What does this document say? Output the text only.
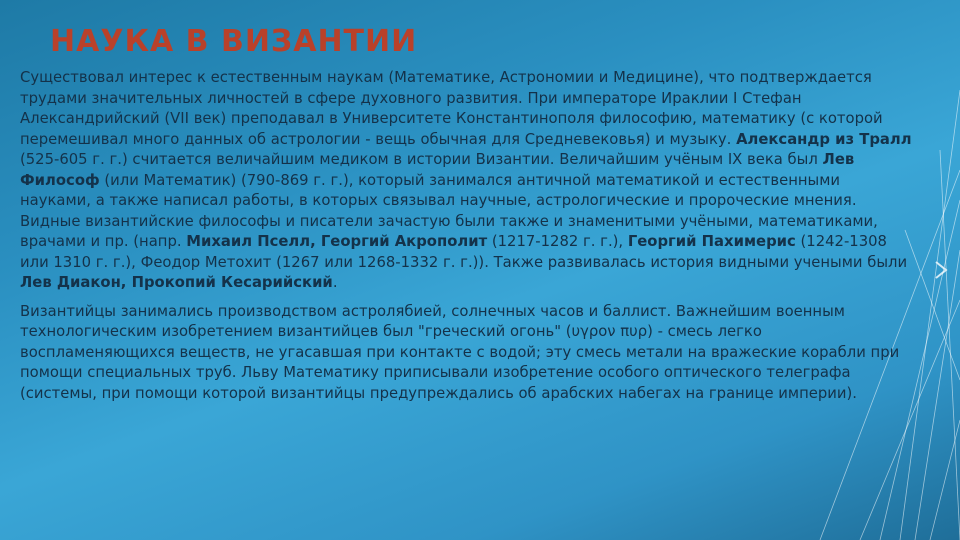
НАУКА В ВИЗАНТИИ

Существовал интерес к естественным наукам (Математике, Астрономии и Медицине), что подтверждается трудами значительных личностей в сфере духовного развития. При императоре Ираклии I Стефан Александрийский (VII век) преподавал в Университете Константинополя философию, математику (с которой перемешивал много данных об астрологии - вещь обычная для Средневековья) и музыку. Александр из Тралл (525-605 г. г.) считается величайшим медиком в истории Византии. Величайшим учёным IX века был Лев Философ (или Математик) (790-869 г. г.), который занимался античной математикой и естественными науками, а также написал работы, в которых связывал научные, астрологические и пророческие мнения. Видные византийские философы и писатели зачастую были также и знаменитыми учёными, математиками, врачами и пр. (напр. Михаил Пселл, Георгий Акрополит (1217-1282 г. г.), Георгий Пахимерис (1242-1308 или 1310 г. г.), Феодор Метохит (1267 или 1268-1332 г. г.)). Также развивалась история видными учеными были Лев Диакон, Прокопий Кесарийский.

Византийцы занимались производством астролябией, солнечных часов и баллист. Важнейшим военным технологическим изобретением византийцев был "греческий огонь" (υγρον πυρ) - смесь легко воспламеняющихся веществ, не угасавшая при контакте с водой; эту смесь метали на вражеские корабли при помощи специальных труб. Льву Математику приписывали изобретение особого оптического телеграфа (системы, при помощи которой византийцы предупреждались об арабских набегах на границе империи).
